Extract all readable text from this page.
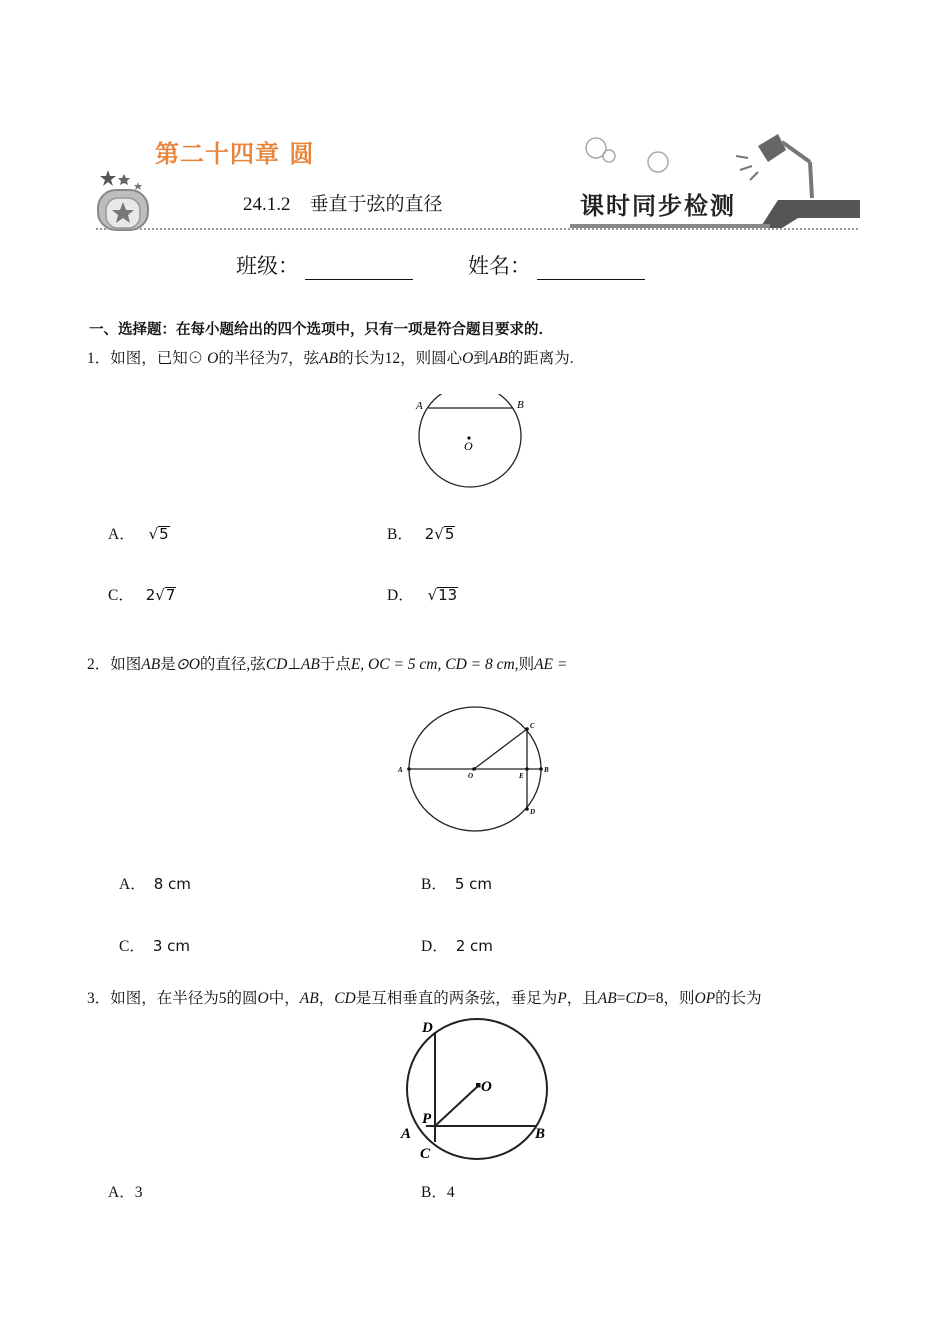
第二十四章 圆
24.1.2　垂直于弦的直径	课时同步检测
班级：	姓名：
一、选择题：在每小题给出的四个选项中，只有一项是符合题目要求的．
1．如图，已知⊙ O的半径为7，弦AB的长为12，则圆心O到AB的距离为.
A	B
O
A． √5	B． 2√5
C． 2√7	D． √13
2．如图AB是⊙O的直径,弦CD⊥AB于点E, OC = 5 cm, CD = 8 cm,则AE =
A	B
C
D
E
O
A． 8 cm	B． 5 cm
C． 3 cm	D． 2 cm
3．如图，在半径为5的圆O中，AB，CD是互相垂直的两条弦，垂足为P，且AB=CD=8，则OP的长为
D
O
P
A	B
C
A．3	B．4
